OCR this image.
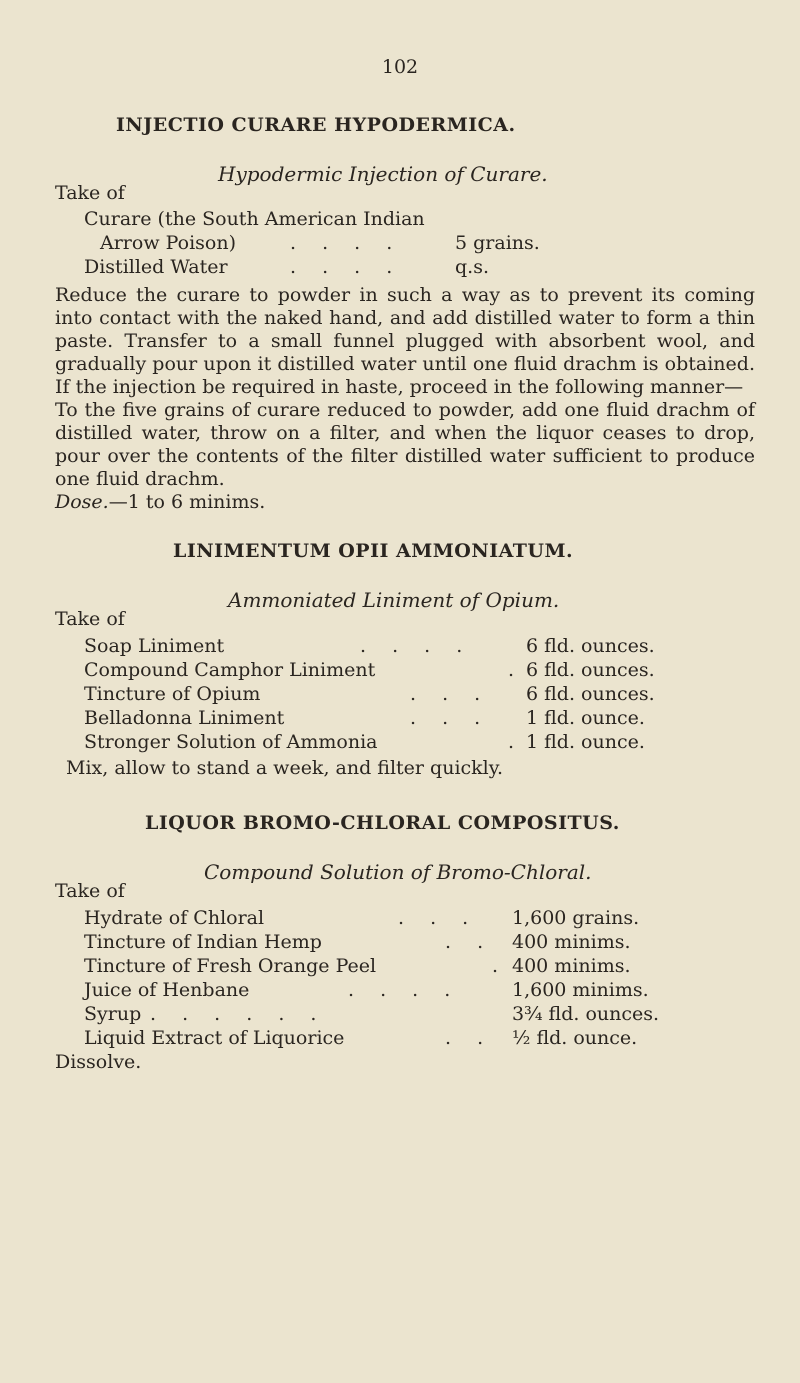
102
INJECTIO CURARE HYPODERMICA.
Hypodermic Injection of Curare.
Take of
Curare (the South American Indian
Arrow Poison)	. . . .	5 grains.
Distilled Water	. . . .	q.s.

Reduce the curare to powder in such a way as to prevent its coming into contact with the naked hand, and add distilled water to form a thin paste. Transfer to a small funnel plugged with absorbent wool, and gradually pour upon it distilled water until one fluid drachm is obtained. If the injection be required in haste, proceed in the following manner—

To the five grains of curare reduced to powder, add one fluid drachm of distilled water, throw on a filter, and when the liquor ceases to drop, pour over the contents of the filter distilled water sufficient to produce one fluid drachm.

Dose.—1 to 6 minims.

LINIMENTUM OPII AMMONIATUM.
Ammoniated Liniment of Opium.
Take of
Soap Liniment	. . . .	6 fld. ounces.
Compound Camphor Liniment	. 6 fld. ounces.
Tincture of Opium	. . . 6 fld. ounces.
Belladonna Liniment	. . . 1 fld. ounce.
Stronger Solution of Ammonia	. 1 fld. ounce.
Mix, allow to stand a week, and filter quickly.
LIQUOR BROMO-CHLORAL COMPOSITUS.
Compound Solution of Bromo-Chloral.
Take of
Hydrate of Chloral	. . . 1,600 grains.
Tincture of Indian Hemp	. . 400 minims.
Tincture of Fresh Orange Peel	. 400 minims.
Juice of Henbane	. . . .	1,600 minims.
Syrup . . . . . .	3¾ fld. ounces.
Liquid Extract of Liquorice	. . ½ fld. ounce.
Dissolve.
